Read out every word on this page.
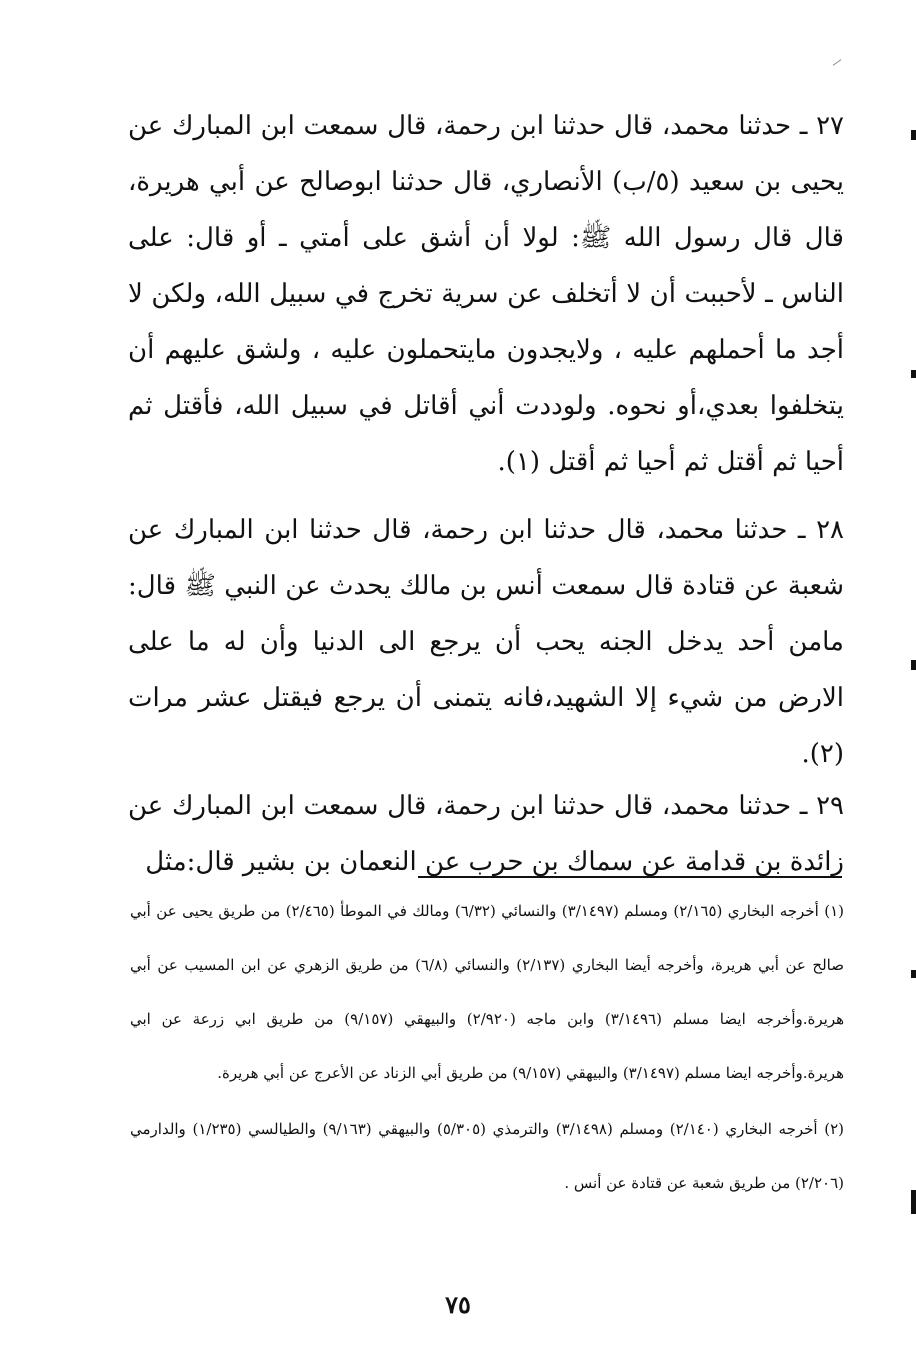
٢٧ ـ حدثنا محمد، قال حدثنا ابن رحمة، قال سمعت ابن المبارك عن يحيى بن سعيد (٥/ب) الأنصاري، قال حدثنا ابوصالح عن أبي هريرة، قال قال رسول الله ﷺ: لولا أن أشق على أمتي ـ أو قال: على الناس ـ لأحببت أن لا أتخلف عن سرية تخرج في سبيل الله، ولكن لا أجد ما أحملهم عليه ، ولايجدون مايتحملون عليه ، ولشق عليهم أن يتخلفوا بعدي،أو نحوه. ولوددت أني أقاتل في سبيل الله، فأقتل ثم أحيا ثم أقتل ثم أحيا ثم أقتل (١).

٢٨ ـ حدثنا محمد، قال حدثنا ابن رحمة، قال حدثنا ابن المبارك عن شعبة عن قتادة قال سمعت أنس بن مالك يحدث عن النبي ﷺ قال: مامن أحد يدخل الجنه يحب أن يرجع الى الدنيا وأن له ما على الارض من شيء إلا الشهيد،فانه يتمنى أن يرجع فيقتل عشر مرات (٢).

٢٩ ـ حدثنا محمد، قال حدثنا ابن رحمة، قال سمعت ابن المبارك عن زائدة بن قدامة عن سماك بن حرب عن النعمان بن بشير قال:مثل

(١) أخرجه البخاري (٢/١٦٥) ومسلم (٣/١٤٩٧) والنسائي (٦/٣٢) ومالك في الموطأ (٢/٤٦٥) من طريق يحيى عن أبي صالح عن أبي هريرة، وأخرجه أيضا البخاري (٢/١٣٧) والنسائي (٦/٨) من طريق الزهري عن ابن المسيب عن أبي هريرة.وأخرجه ايضا مسلم (٣/١٤٩٦) وابن ماجه (٢/٩٢٠) والبيهقي (٩/١٥٧) من طريق ابي زرعة عن ابي هريرة.وأخرجه ايضا مسلم (٣/١٤٩٧) والبيهقي (٩/١٥٧) من طريق أبي الزناد عن الأعرج عن أبي هريرة.

(٢) أخرجه البخاري (٢/١٤٠) ومسلم (٣/١٤٩٨) والترمذي (٥/٣٠٥) والبيهقي (٩/١٦٣) والطيالسي (١/٢٣٥) والدارمي (٢/٢٠٦) من طريق شعبة عن قتادة عن أنس .

٧٥
